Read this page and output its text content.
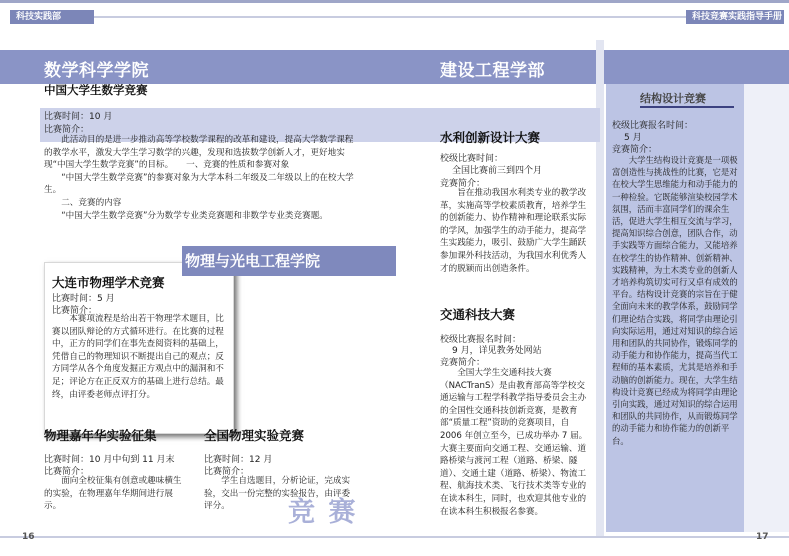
科技实践部	科技竞赛实践指导手册
数学科学学院	建设工程学部
中国大学生数学竞赛
比赛时间：10 月
比赛简介：
　　此活动目的是进一步推动高等学校数学课程的改革和建设，提高大学数学课程的教学水平，激发大学生学习数学的兴趣，发现和选拔数学创新人才，更好地实现“中国大学生数学竞赛”的目标。　　一、竞赛的性质和参赛对象
　　“中国大学生数学竞赛”的参赛对象为大学本科二年级及二年级以上的在校大学生。
　　二、竞赛的内容
　　“中国大学生数学竞赛”分为数学专业类竞赛题和非数学专业类竞赛题。
大连市物理学术竞赛
比赛时间：5 月
比赛简介：
　　本赛项流程是给出若干物理学术题目，比赛以团队辩论的方式循环进行。在比赛的过程中，正方的同学们在事先查阅资料的基础上，凭借自己的物理知识不断提出自己的观点；反方同学从各个角度发掘正方观点中的漏洞和不足；评论方在正反双方的基础上进行总结。最终，由评委老师点评打分。
物理与光电工程学院
物理嘉年华实验征集
比赛时间：10 月中旬到 11 月末
比赛简介：
　　面向全校征集有创意或趣味横生的实验，在物理嘉年华期间进行展示。
全国物理实验竞赛
比赛时间：12 月
比赛简介：
　　学生自选题目，分析论证，完成实验，交出一份完整的实验报告，由评委评分。	竞 赛
水利创新设计大赛
校级比赛时间：
全国比赛前三到四个月
竞赛简介：
　　旨在推动我国水利类专业的教学改革，实施高等学校素质教育，培养学生的创新能力、协作精神和理论联系实际的学风，加强学生的动手能力，提高学生实践能力，吸引、鼓励广大学生踊跃参加课外科技活动，为我国水利优秀人才的脱颖而出创造条件。
交通科技大赛
校级比赛报名时间：
9 月，详见教务处网站
竞赛简介：
　　全国大学生交通科技大赛（NACTranS）是由教育部高等学校交通运输与工程学科教学指导委员会主办的全国性交通科技创新竞赛，是教育部“质量工程”资助的竞赛项目，自2006 年创立至今，已成功举办 7 届。大赛主要面向交通工程、交通运输、道路桥梁与渡河工程（道路、桥梁、隧道）、交通土建（道路、桥梁）、物流工程、航海技术类、飞行技术类等专业的在读本科生，同时，也欢迎其他专业的在读本科生积极报名参赛。
结构设计竞赛
校级比赛报名时间：
5 月
竞赛简介：
　　大学生结构设计竞赛是一项极富创造性与挑战性的比赛，它是对在校大学生思维能力和动手能力的一种检验。它既能够渲染校园学术氛围，活而丰富同学们的课余生活，促进大学生相互交流与学习，提高知识综合创意，团队合作，动手实践等方面综合能力，又能培养在校学生的协作精神、创新精神、实践精神，为土木类专业的创新人才培养构筑切实可行又卓有成效的平台。结构设计竞赛的宗旨在于健全面向未来的教学体系，鼓励同学们理论结合实践，将同学由理论引向实际运用，通过对知识的综合运用和团队的共同协作，锻炼同学的动手能力和协作能力，提高当代工程师的基本素质，尤其是培养和手动脑的创新能力。现在，大学生结构设计竞赛已经成为将同学由理论引向实践，通过对知识的综合运用和团队的共同协作，从而锻炼同学的动手能力和协作能力的创新平台。
16	17
